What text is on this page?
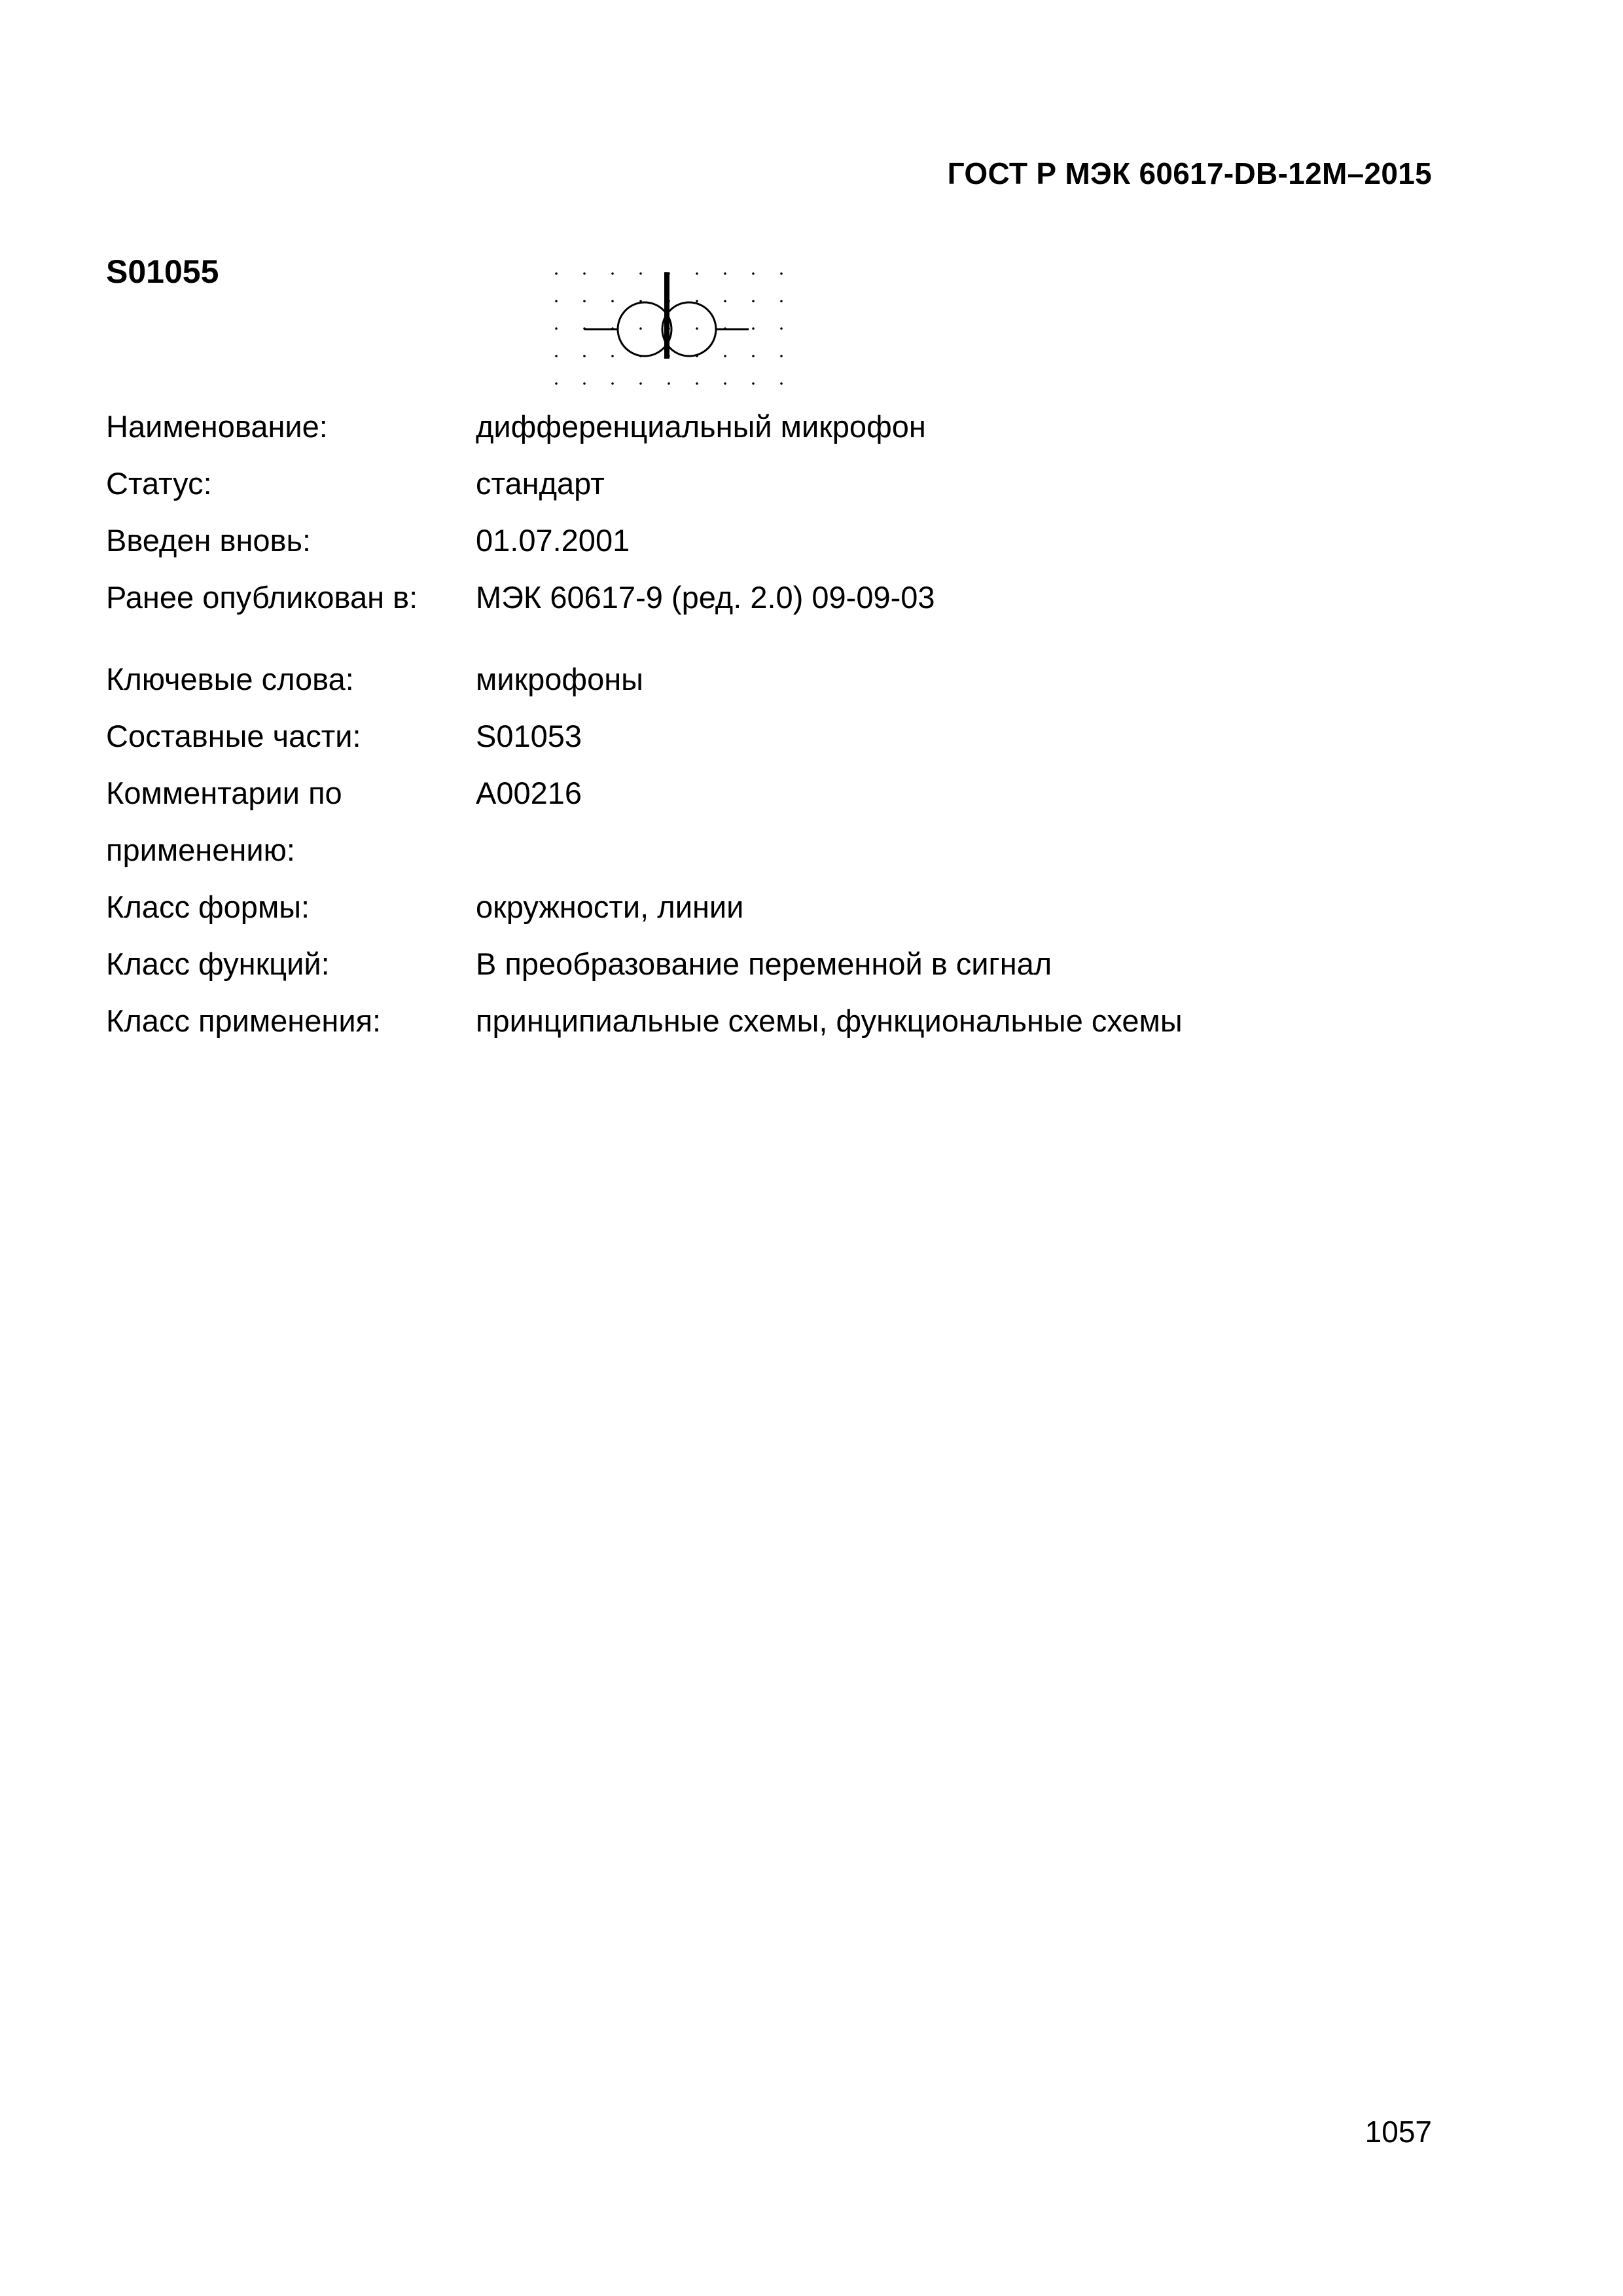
ГОСТ Р МЭК 60617-DB-12M–2015
S01055
Наименование:	дифференциальный микрофон
Статус:	стандарт
Введен вновь:	01.07.2001
Ранее опубликован в:	МЭК 60617-9 (ред. 2.0) 09-09-03
Ключевые слова:	микрофоны
Составные части:	S01053
Комментарии по	A00216
применению:
Класс формы:	окружности, линии
Класс функций:	B преобразование переменной в сигнал
Класс применения:	принципиальные схемы, функциональные схемы
1057
